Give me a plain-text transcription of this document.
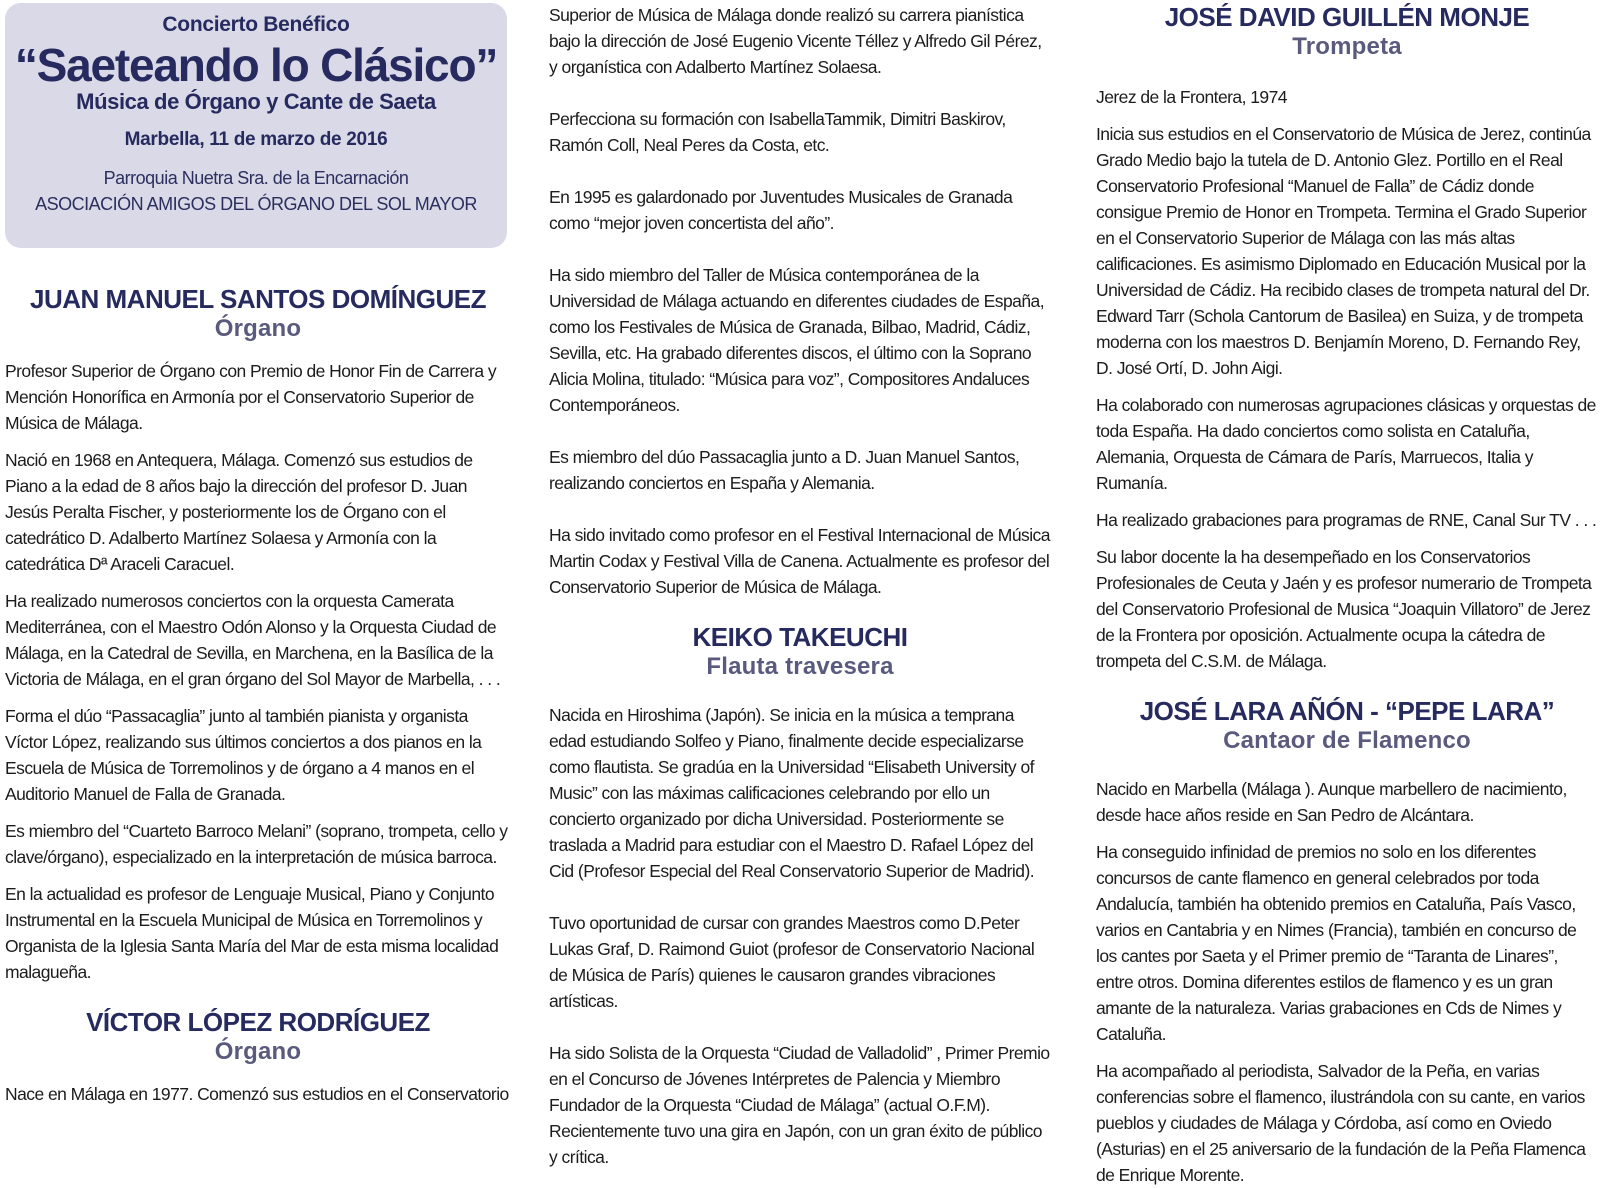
Concierto Benéfico
“Saeteando lo Clásico”
Música de Órgano y Cante de Saeta
Marbella, 11 de marzo de 2016
Parroquia Nuetra Sra. de la Encarnación
ASOCIACIÓN AMIGOS DEL ÓRGANO DEL SOL MAYOR
JUAN MANUEL SANTOS DOMÍNGUEZ
Órgano

Profesor Superior de Órgano con Premio de Honor Fin de Carrera y Mención Honorífica en Armonía por el Conservatorio Superior de Música de Málaga.

Nació en 1968 en Antequera, Málaga. Comenzó sus estudios de Piano a la edad de 8 años bajo la dirección del profesor D. Juan Jesús Peralta Fischer, y posteriormente los de Órgano con el catedrático D. Adalberto Martínez Solaesa y Armonía con la catedrática Dª Araceli Caracuel.

Ha realizado numerosos conciertos con la orquesta Camerata Mediterránea, con el Maestro Odón Alonso y la Orquesta Ciudad de Málaga, en la Catedral de Sevilla, en Marchena, en la Basílica de la Victoria de Málaga, en el gran órgano del Sol Mayor de Marbella, . . .

Forma el dúo “Passacaglia” junto al también pianista y organista Víctor López, realizando sus últimos conciertos a dos pianos en la Escuela de Música de Torremolinos y de órgano a 4 manos en el Auditorio Manuel de Falla de Granada.

Es miembro del “Cuarteto Barroco Melani” (soprano, trompeta, cello y clave/órgano), especializado en la interpretación de música barroca.

En la actualidad es profesor de Lenguaje Musical, Piano y Conjunto Instrumental en la Escuela Municipal de Música en Torremolinos y Organista de la Iglesia Santa María del Mar de esta misma localidad malagueña.

VÍCTOR LÓPEZ RODRÍGUEZ
Órgano

Nace en Málaga en 1977. Comenzó sus estudios en el Conservatorio

Superior de Música de Málaga donde realizó su carrera pianística bajo la dirección de José Eugenio Vicente Téllez y Alfredo Gil Pérez, y organística con Adalberto Martínez Solaesa.

Perfecciona su formación con IsabellaTammik, Dimitri Baskirov, Ramón Coll, Neal Peres da Costa, etc.

En 1995 es galardonado por Juventudes Musicales de Granada como “mejor joven concertista del año”.

Ha sido miembro del Taller de Música contemporánea de la Universidad de Málaga actuando en diferentes ciudades de España, como los Festivales de Música de Granada, Bilbao, Madrid, Cádiz, Sevilla, etc. Ha grabado diferentes discos, el último con la Soprano Alicia Molina, titulado: “Música para voz”, Compositores Andaluces Contemporáneos.

Es miembro del dúo Passacaglia junto a D. Juan Manuel Santos, realizando conciertos en España y Alemania.

Ha sido invitado como profesor en el Festival Internacional de Música Martin Codax y Festival Villa de Canena. Actualmente es profesor del Conservatorio Superior de Música de Málaga.

KEIKO TAKEUCHI
Flauta travesera

Nacida en Hiroshima (Japón). Se inicia en la música a temprana edad estudiando Solfeo y Piano, finalmente decide especializarse como flautista. Se gradúa en la Universidad “Elisabeth University of Music” con las máximas calificaciones celebrando por ello un concierto organizado por dicha Universidad. Posteriormente se traslada a Madrid para estudiar con el Maestro D. Rafael López del Cid (Profesor Especial del Real Conservatorio Superior de Madrid).

Tuvo oportunidad de cursar con grandes Maestros como D.Peter Lukas Graf, D. Raimond Guiot (profesor de Conservatorio Nacional de Música de París) quienes le causaron grandes vibraciones artísticas.

Ha sido Solista de la Orquesta “Ciudad de Valladolid” , Primer Premio en el Concurso de Jóvenes Intérpretes de Palencia y Miembro Fundador de la Orquesta “Ciudad de Málaga” (actual O.F.M). Recientemente tuvo una gira en Japón, con un gran éxito de público y crítica.

JOSÉ DAVID GUILLÉN MONJE
Trompeta

Jerez de la Frontera, 1974

Inicia sus estudios en el Conservatorio de Música de Jerez, continúa Grado Medio bajo la tutela de D. Antonio Glez. Portillo en el Real Conservatorio Profesional “Manuel de Falla” de Cádiz donde consigue Premio de Honor en Trompeta. Termina el Grado Superior en el Conservatorio Superior de Málaga con las más altas calificaciones. Es asimismo Diplomado en Educación Musical por la Universidad de Cádiz. Ha recibido clases de trompeta natural del Dr. Edward Tarr (Schola Cantorum de Basilea) en Suiza, y de trompeta moderna con los maestros D. Benjamín Moreno, D. Fernando Rey, D. José Ortí, D. John Aigi.

Ha colaborado con numerosas agrupaciones clásicas y orquestas de toda España. Ha dado conciertos como solista en Cataluña, Alemania, Orquesta de Cámara de París, Marruecos, Italia y Rumanía.

Ha realizado grabaciones para programas de RNE, Canal Sur TV . . .

Su labor docente la ha desempeñado en los Conservatorios Profesionales de Ceuta y Jaén y es profesor numerario de Trompeta del Conservatorio Profesional de Musica “Joaquin Villatoro” de Jerez de la Frontera por oposición. Actualmente ocupa la cátedra de trompeta del C.S.M. de Málaga.

JOSÉ LARA AÑÓN - “PEPE LARA”
Cantaor de Flamenco

Nacido en Marbella (Málaga ). Aunque marbellero de nacimiento, desde hace años reside en San Pedro de Alcántara.

Ha conseguido infinidad de premios no solo en los diferentes concursos de cante flamenco en general celebrados por toda Andalucía, también ha obtenido premios en Cataluña, País Vasco, varios en Cantabria y en Nimes (Francia), también en concurso de los cantes por Saeta y el Primer premio de “Taranta de Linares”, entre otros. Domina diferentes estilos de flamenco y es un gran amante de la naturaleza. Varias grabaciones en Cds de Nimes y Cataluña.

Ha acompañado al periodista, Salvador de la Peña, en varias conferencias sobre el flamenco, ilustrándola con su cante, en varios pueblos y ciudades de Málaga y Córdoba, así como en Oviedo (Asturias) en el 25 aniversario de la fundación de la Peña Flamenca de Enrique Morente.
